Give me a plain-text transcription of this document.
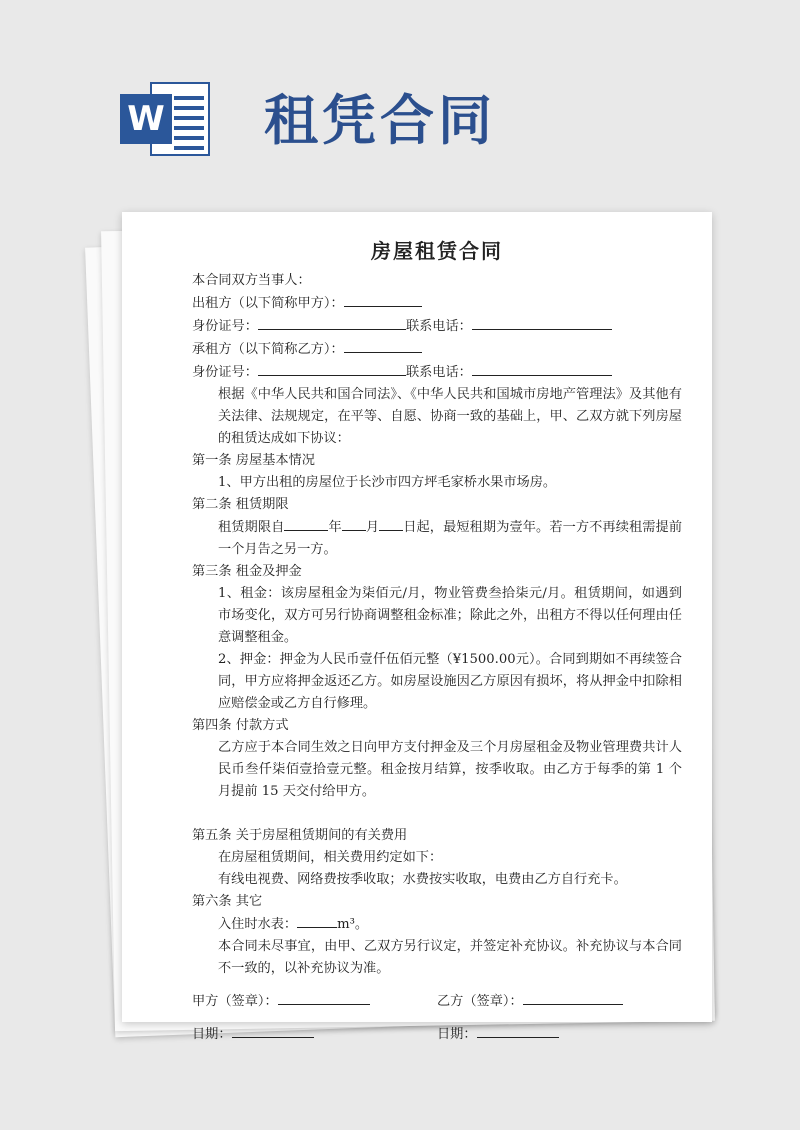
W 租凭合同
房屋租赁合同
本合同双方当事人：
出租方（以下简称甲方）：
身份证号：	联系电话：
承租方（以下简称乙方）：
身份证号：	联系电话：
根据《中华人民共和国合同法》、《中华人民共和国城市房地产管理法》及其他有关法律、法规规定，在平等、自愿、协商一致的基础上，甲、乙双方就下列房屋的租赁达成如下协议：
第一条 房屋基本情况
1、甲方出租的房屋位于长沙市四方坪毛家桥水果市场房。
第二条 租赁期限
租赁期限自	年 月 日起，最短租期为壹年。若一方不再续租需提前一个月告之另一方。
第三条 租金及押金
1、租金：该房屋租金为柒佰元/月，物业管费叁拾柒元/月。租赁期间，如遇到市场变化，双方可另行协商调整租金标准；除此之外，出租方不得以任何理由任意调整租金。
2、押金：押金为人民币壹仟伍佰元整（¥1500.00元）。合同到期如不再续签合同，甲方应将押金返还乙方。如房屋设施因乙方原因有损坏，将从押金中扣除相应赔偿金或乙方自行修理。
第四条 付款方式
乙方应于本合同生效之日向甲方支付押金及三个月房屋租金及物业管理费共计人民币叁仟柒佰壹拾壹元整。租金按月结算，按季收取。由乙方于每季的第 1 个月提前 15 天交付给甲方。
第五条 关于房屋租赁期间的有关费用
在房屋租赁期间，相关费用约定如下：
有线电视费、网络费按季收取；水费按实收取，电费由乙方自行充卡。
第六条 其它
入住时水表：	m³。
本合同未尽事宜，由甲、乙双方另行议定，并签定补充协议。补充协议与本合同不一致的，以补充协议为准。
甲方（签章）：	乙方（签章）：
日期：	日期：
